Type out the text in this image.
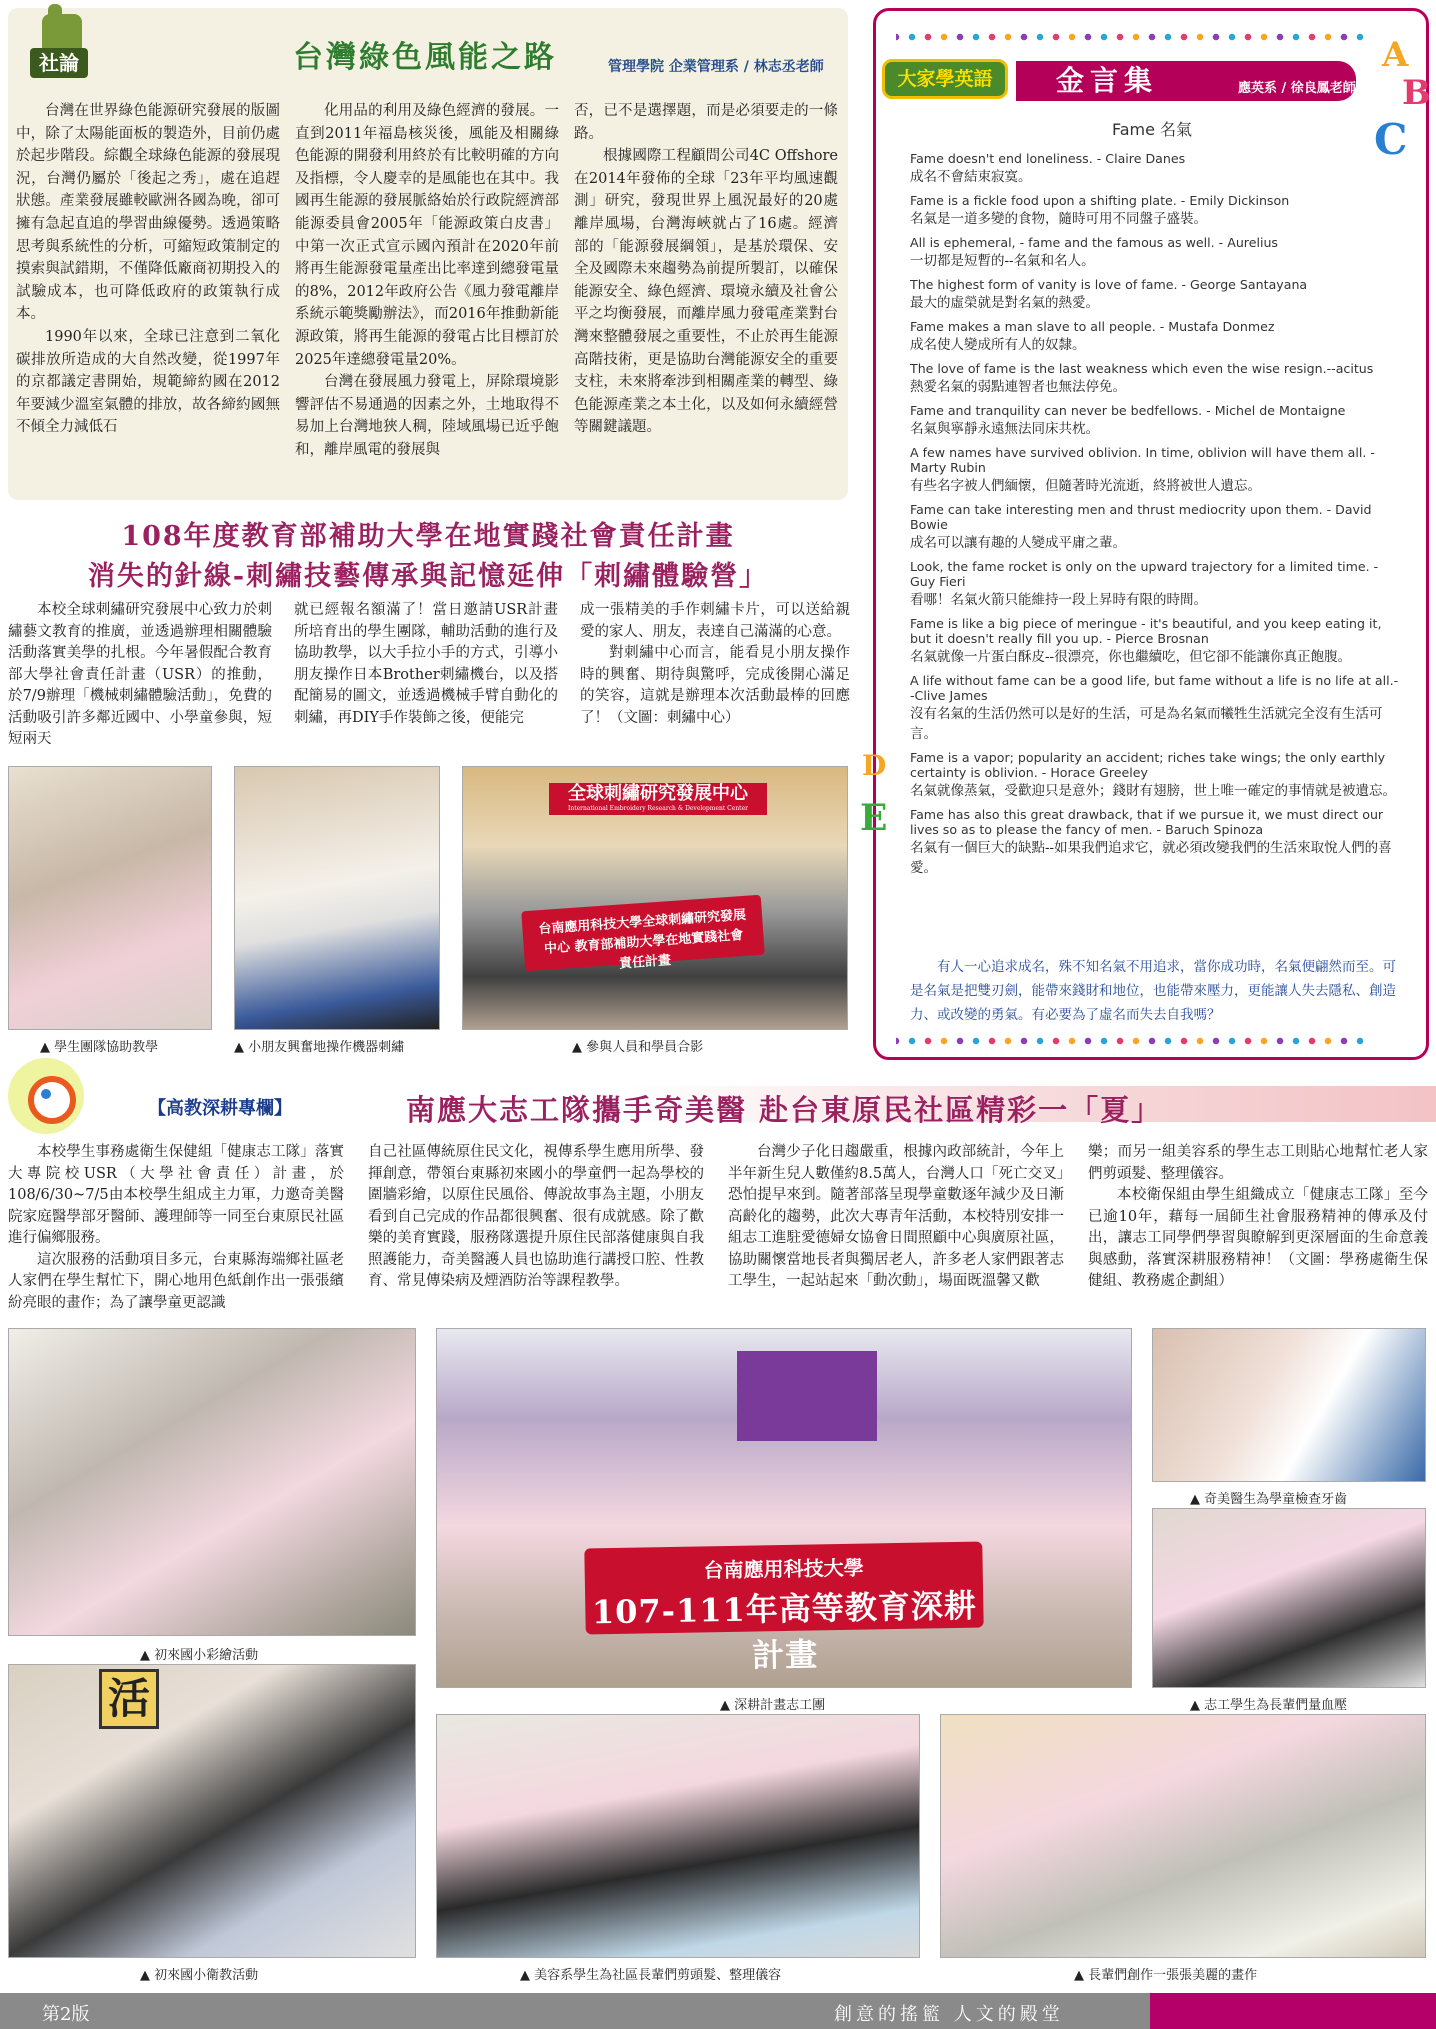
社論	台灣綠色風能之路	管理學院 企業管理系 / 林志丞老師

台灣在世界綠色能源研究發展的版圖中，除了太陽能面板的製造外，目前仍處於起步階段。綜觀全球綠色能源的發展現況，台灣仍屬於「後起之秀」，處在追趕狀態。產業發展雖較歐洲各國為晚，卻可擁有急起直追的學習曲線優勢。透過策略思考與系統性的分析，可縮短政策制定的摸索與試錯期，不僅降低廠商初期投入的試驗成本，也可降低政府的政策執行成本。

1990年以來，全球已注意到二氧化碳排放所造成的大自然改變，從1997年的京都議定書開始，規範締約國在2012年要減少溫室氣體的排放，故各締約國無不傾全力減低石

化用品的利用及綠色經濟的發展。一直到2011年福島核災後，風能及相關綠色能源的開發利用終於有比較明確的方向及指標，令人慶幸的是風能也在其中。我國再生能源的發展脈絡始於行政院經濟部能源委員會2005年「能源政策白皮書」中第一次正式宣示國內預計在2020年前將再生能源發電量產出比率達到總發電量的8%，2012年政府公告《風力發電離岸系統示範獎勵辦法》，而2016年推動新能源政策，將再生能源的發電占比目標訂於2025年達總發電量20%。

台灣在發展風力發電上，屏除環境影響評估不易通過的因素之外，土地取得不易加上台灣地狹人稠，陸域風場已近乎飽和，離岸風電的發展與

否，已不是選擇題，而是必須要走的一條路。

根據國際工程顧問公司4C Offshore在2014年發佈的全球「23年平均風速觀測」研究，發現世界上風況最好的20處離岸風場，台灣海峽就占了16處。經濟部的「能源發展綱領」，是基於環保、安全及國際未來趨勢為前提所製訂，以確保能源安全、綠色經濟、環境永續及社會公平之均衡發展，而離岸風力發電產業對台灣來整體發展之重要性，不止於再生能源高階技術，更是協助台灣能源安全的重要支柱，未來將牽涉到相關產業的轉型、綠色能源產業之本土化，以及如何永續經營等關鍵議題。

大家學英語	金言集	應英系 / 徐良鳳老師
A
B
C
D
E
Fame 名氣
Fame doesn't end loneliness. - Claire Danes
成名不會結束寂寞。
Fame is a fickle food upon a shifting plate. - Emily Dickinson
名氣是一道多變的食物，隨時可用不同盤子盛裝。
All is ephemeral, - fame and the famous as well. - Aurelius
一切都是短暫的--名氣和名人。
The highest form of vanity is love of fame. - George Santayana
最大的虛榮就是對名氣的熱愛。
Fame makes a man slave to all people. - Mustafa Donmez
成名使人變成所有人的奴隸。
The love of fame is the last weakness which even the wise resign.--acitus
熱愛名氣的弱點連智者也無法停免。
Fame and tranquility can never be bedfellows. - Michel de Montaigne
名氣與寧靜永遠無法同床共枕。
A few names have survived oblivion. In time, oblivion will have them all. - Marty Rubin
有些名字被人們緬懷，但隨著時光流逝，終將被世人遺忘。
Fame can take interesting men and thrust mediocrity upon them. - David Bowie
成名可以讓有趣的人變成平庸之輩。
Look, the fame rocket is only on the upward trajectory for a limited time. - Guy Fieri
看哪！名氣火箭只能維持一段上昇時有限的時間。
Fame is like a big piece of meringue - it's beautiful, and you keep eating it, but it doesn't really fill you up. - Pierce Brosnan
名氣就像一片蛋白酥皮--很漂亮，你也繼續吃，但它卻不能讓你真正飽腹。
A life without fame can be a good life, but fame without a life is no life at all.--Clive James
沒有名氣的生活仍然可以是好的生活，可是為名氣而犧牲生活就完全沒有生活可言。
Fame is a vapor; popularity an accident; riches take wings; the only earthly certainty is oblivion. - Horace Greeley
名氣就像蒸氣，受歡迎只是意外；錢財有翅膀，世上唯一確定的事情就是被遺忘。
Fame has also this great drawback, that if we pursue it, we must direct our lives so as to please the fancy of men. - Baruch Spinoza
名氣有一個巨大的缺點--如果我們追求它，就必須改變我們的生活來取悅人們的喜愛。
有人一心追求成名，殊不知名氣不用追求，當你成功時，名氣便翩然而至。可是名氣是把雙刃劍，能帶來錢財和地位，也能帶來壓力，更能讓人失去隱私、創造力、或改變的勇氣。有必要為了虛名而失去自我嗎？
108年度教育部補助大學在地實踐社會責任計畫
消失的針線-刺繡技藝傳承與記憶延伸「刺繡體驗營」

本校全球刺繡研究發展中心致力於刺繡藝文教育的推廣，並透過辦理相關體驗活動落實美學的扎根。今年暑假配合教育部大學社會責任計畫（USR）的推動，於7/9辦理「機械刺繡體驗活動」，免費的活動吸引許多鄰近國中、小學童參與，短短兩天

就已經報名額滿了！當日邀請USR計畫所培育出的學生團隊，輔助活動的進行及協助教學，以大手拉小手的方式，引導小朋友操作日本Brother刺繡機台，以及搭配簡易的圖文，並透過機械手臂自動化的刺繡，再DIY手作裝飾之後，便能完

成一張精美的手作刺繡卡片，可以送給親愛的家人、朋友，表達自己滿滿的心意。

對刺繡中心而言，能看見小朋友操作時的興奮、期待與驚呼，完成後開心滿足的笑容，這就是辦理本次活動最棒的回應了！（文圖：刺繡中心）

全球刺繡研究發展中心
International Embroidery Research & Development Center
台南應用科技大學全球刺繡研究發展中心 教育部補助大學在地實踐社會責任計畫
▲ 學生團隊協助教學	▲ 小朋友興奮地操作機器刺繡	▲ 參與人員和學員合影
【高教深耕專欄】	南應大志工隊攜手奇美醫 赴台東原民社區精彩一「夏」

本校學生事務處衛生保健組「健康志工隊」落實大專院校USR（大學社會責任）計畫，於108/6/30~7/5由本校學生組成主力軍，力邀奇美醫院家庭醫學部牙醫師、護理師等一同至台東原民社區進行偏鄉服務。

這次服務的活動項目多元，台東縣海端鄉社區老人家們在學生幫忙下，開心地用色紙創作出一張張繽紛亮眼的畫作；為了讓學童更認識

自己社區傳統原住民文化，視傳系學生應用所學、發揮創意，帶領台東縣初來國小的學童們一起為學校的圍牆彩繪，以原住民風俗、傳說故事為主題，小朋友看到自己完成的作品都很興奮、很有成就感。除了歡樂的美育實踐，服務隊選提升原住民部落健康與自我照護能力，奇美醫護人員也協助進行講授口腔、性教育、常見傳染病及煙酒防治等課程教學。

台灣少子化日趨嚴重，根據內政部統計，今年上半年新生兒人數僅約8.5萬人，台灣人口「死亡交叉」恐怕提早來到。隨著部落呈現學童數逐年減少及日漸高齡化的趨勢，此次大專青年活動，本校特別安排一組志工進駐愛德婦女協會日間照顧中心與廣原社區，協助關懷當地長者與獨居老人，許多老人家們跟著志工學生，一起站起來「動次動」，場面既溫馨又歡

樂；而另一組美容系的學生志工則貼心地幫忙老人家們剪頭髮、整理儀容。

本校衛保組由學生組織成立「健康志工隊」至今已逾10年，藉每一屆師生社會服務精神的傳承及付出，讓志工同學們學習與瞭解到更深層面的生命意義與感動，落實深耕服務精神！（文圖：學務處衛生保健組、教務處企劃組）

台南應用科技大學
107-111年高等教育深耕計畫
▲ 初來國小彩繪活動
▲ 深耕計畫志工團
▲ 奇美醫生為學童檢查牙齒
▲ 志工學生為長輩們量血壓
活
▲ 初來國小衛教活動	▲ 美容系學生為社區長輩們剪頭髮、整理儀容	▲ 長輩們創作一張張美麗的畫作
第2版	創意的搖籃 人文的殿堂
